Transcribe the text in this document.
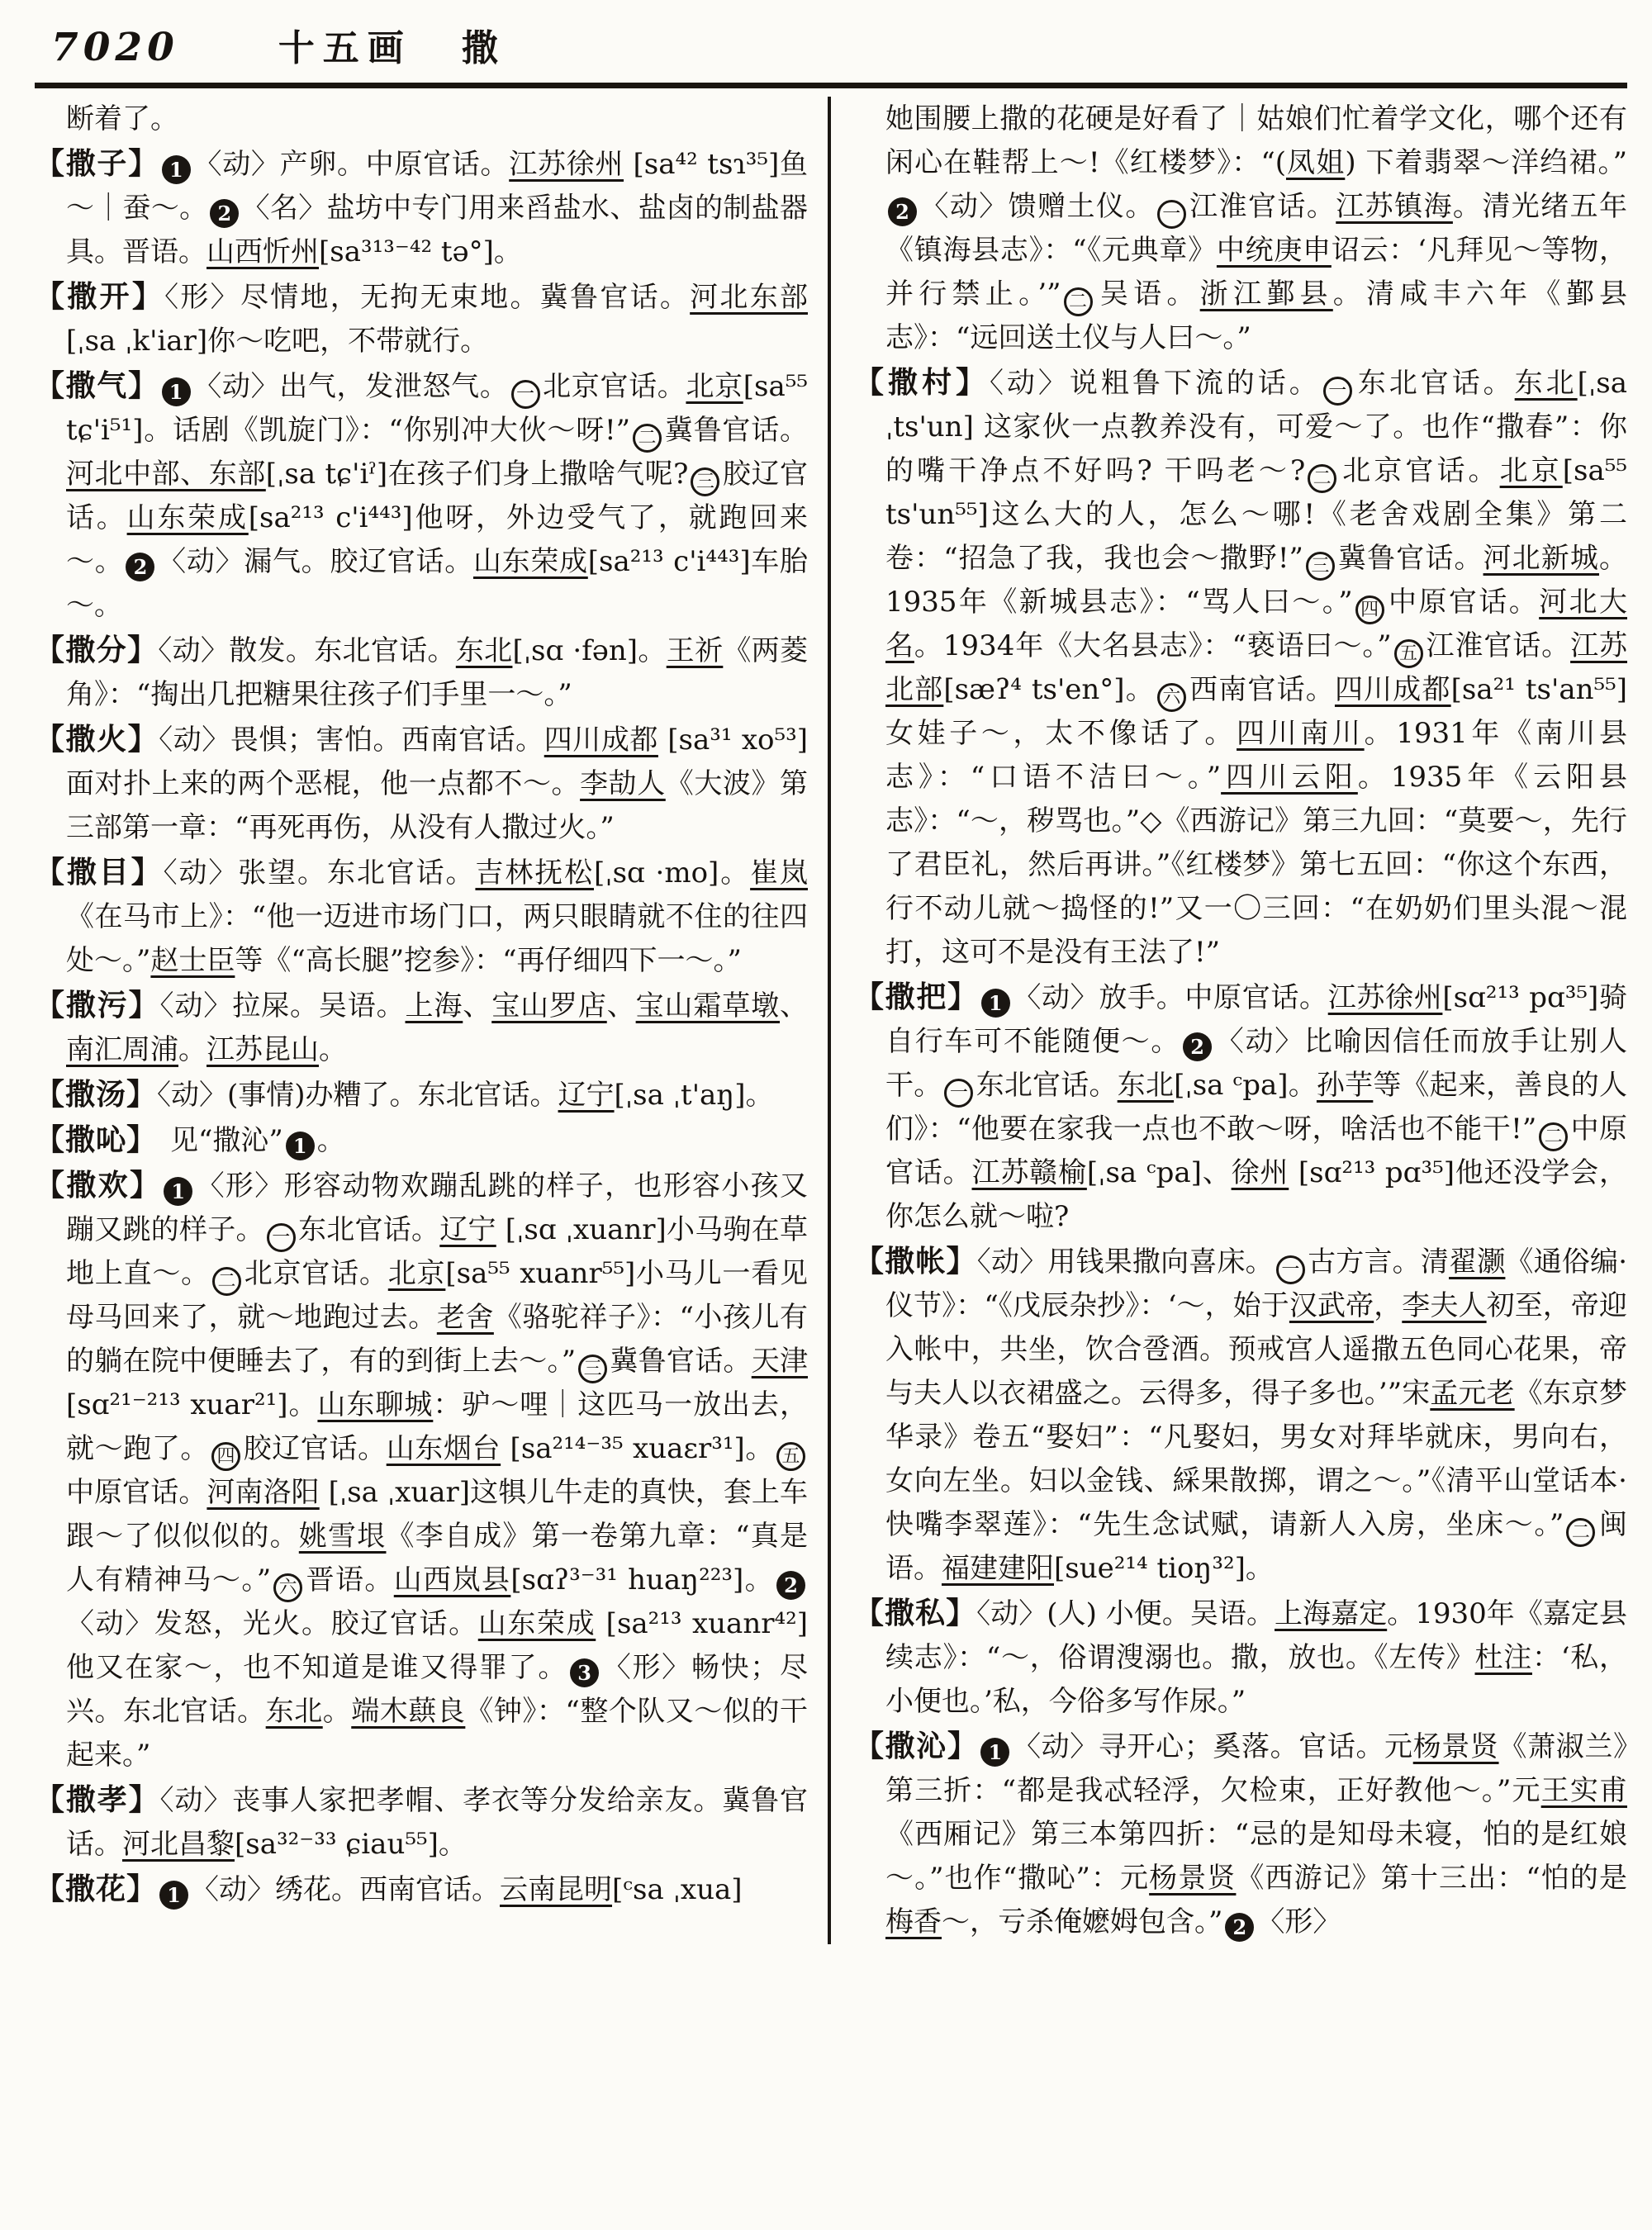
7020	十五画 撒
断着了。
【撒子】 1 〈动〉产卵。中原官话。江苏徐州 [sa⁴² tsɿ³⁵]鱼～｜蚕～。 2 〈名〉盐坊中专门用来舀盐水、盐卤的制盐器具。晋语。山西忻州[sa³¹³⁻⁴² tə°]。
【撒开】〈形〉尽情地，无拘无束地。冀鲁官话。河北东部[ˌsa ˌk'iar]你～吃吧，不带就行。
【撒气】 1 〈动〉出气，发泄怒气。 一 北京官话。北京[sa⁵⁵ tɕ'i⁵¹]。话剧《凯旋门》：“你别冲大伙～呀!” 二 冀鲁官话。河北中部、东部[ˌsa tɕ'iˀ]在孩子们身上撒啥气呢? 三 胶辽官话。山东荣成[sa²¹³ c'i⁴⁴³]他呀，外边受气了，就跑回来～。 2 〈动〉漏气。胶辽官话。山东荣成[sa²¹³ c'i⁴⁴³]车胎～。
【撒分】〈动〉散发。东北官话。东北[ˌsɑ ·fən]。王祈《两菱角》：“掏出几把糖果往孩子们手里一～。”
【撒火】〈动〉畏惧；害怕。西南官话。四川成都 [sa³¹ xo⁵³]面对扑上来的两个恶棍，他一点都不～。李劼人《大波》第三部第一章：“再死再伤，从没有人撒过火。”
【撒目】〈动〉张望。东北官话。吉林抚松[ˌsɑ ·mo]。崔岚《在马市上》：“他一迈进市场门口，两只眼睛就不住的往四处～。”赵士臣等《“高长腿”挖参》：“再仔细四下一～。”
【撒污】〈动〉拉屎。吴语。上海、宝山罗店、宝山霜草墩、南汇周浦。江苏昆山。
【撒汤】〈动〉(事情)办糟了。东北官话。辽宁[ˌsa ˌt'aŋ]。
【撒吣】　见“撒沁” 1 。
【撒欢】 1 〈形〉形容动物欢蹦乱跳的样子，也形容小孩又蹦又跳的样子。 一 东北官话。辽宁 [ˌsɑ ˌxuanr]小马驹在草地上直～。 二 北京官话。北京[sa⁵⁵ xuanr⁵⁵]小马儿一看见母马回来了，就～地跑过去。老舍《骆驼祥子》：“小孩儿有的躺在院中便睡去了，有的到街上去～。” 三 冀鲁官话。天津[sɑ²¹⁻²¹³ xuar²¹]。山东聊城：驴～哩｜这匹马一放出去，就～跑了。 四 胶辽官话。山东烟台 [sa²¹⁴⁻³⁵ xuaɛr³¹]。 五中原官话。河南洛阳 [ˌsa ˌxuar]这犋儿牛走的真快，套上车跟～了似似似的。姚雪垠《李自成》第一卷第九章：“真是人有精神马～。” 六 晋语。山西岚县[sɑʔ³⁻³¹ huaŋ²²³]。 2〈动〉发怒，光火。胶辽官话。山东荣成 [sa²¹³ xuanr⁴²] 他又在家～，也不知道是谁又得罪了。 3 〈形〉畅快；尽兴。东北官话。东北。端木蕻良《钟》：“整个队又～似的干起来。”
【撒孝】〈动〉丧事人家把孝帽、孝衣等分发给亲友。冀鲁官话。河北昌黎[sa³²⁻³³ ɕiau⁵⁵]。
【撒花】 1 〈动〉绣花。西南官话。云南昆明[ᶜsa ˌxua]
她围腰上撒的花硬是好看了｜姑娘们忙着学文化，哪个还有闲心在鞋帮上～!《红楼梦》：“(凤姐) 下着翡翠～洋绉裙。”2 〈动〉馈赠土仪。 一 江淮官话。江苏镇海。清光绪五年《镇海县志》：“《元典章》中统庚申诏云：‘凡拜见～等物，并行禁止。’” 二 吴语。浙江鄞县。清咸丰六年《鄞县志》：“远回送土仪与人曰～。”
【撒村】〈动〉说粗鲁下流的话。 一 东北官话。东北[ˌsa ˌts'un] 这家伙一点教养没有，可爱～了。也作“撒春”：你的嘴干净点不好吗? 干吗老～? 二 北京官话。北京[sa⁵⁵ ts'un⁵⁵]这么大的人，怎么～哪!《老舍戏剧全集》第二卷：“招急了我，我也会～撒野!” 三 冀鲁官话。河北新城。1935年《新城县志》：“骂人曰～。” 四 中原官话。河北大名。1934年《大名县志》：“亵语曰～。” 五 江淮官话。江苏北部[sæʔ⁴ ts'en°]。 六 西南官话。四川成都[sa²¹ ts'an⁵⁵]女娃子～，太不像话了。四川南川。1931年《南川县志》：“口语不洁曰～。”四川云阳。1935年《云阳县志》：“～，秽骂也。”◇《西游记》第三九回：“莫要～，先行了君臣礼，然后再讲。”《红楼梦》第七五回：“你这个东西，行不动儿就～捣怪的!”又一〇三回：“在奶奶们里头混～混打，这可不是没有王法了!”
【撒把】 1 〈动〉放手。中原官话。江苏徐州[sɑ²¹³ pɑ³⁵]骑自行车可不能随便～。 2 〈动〉比喻因信任而放手让别人干。 一 东北官话。东北[ˌsa ᶜpa]。孙芋等《起来，善良的人们》：“他要在家我一点也不敢～呀，啥活也不能干!” 二 中原官话。江苏赣榆[ˌsa ᶜpa]、徐州 [sɑ²¹³ pɑ³⁵]他还没学会，你怎么就～啦?
【撒帐】〈动〉用钱果撒向喜床。 一 古方言。清翟灏《通俗编·仪节》：“《戊辰杂抄》：‘～，始于汉武帝，李夫人初至，帝迎入帐中，共坐，饮合卺酒。预戒宫人遥撒五色同心花果，帝与夫人以衣裙盛之。云得多，得子多也。’”宋孟元老《东京梦华录》卷五“娶妇”：“凡娶妇，男女对拜毕就床，男向右，女向左坐。妇以金钱、綵果散掷，谓之～。”《清平山堂话本·快嘴李翠莲》：“先生念试赋，请新人入房，坐床～。” 二 闽语。福建建阳[sue²¹⁴ tioŋ³²]。
【撒私】〈动〉(人) 小便。吴语。上海嘉定。1930年《嘉定县续志》：“～，俗谓溲溺也。撒，放也。《左传》杜注：‘私，小便也。’私，今俗多写作尿。”
【撒沁】 1 〈动〉寻开心；奚落。官话。元杨景贤《萧淑兰》第三折：“都是我忒轻浮，欠检束，正好教他～。”元王实甫《西厢记》第三本第四折：“忌的是知母未寝，怕的是红娘～。”也作“撒吣”：元杨景贤《西游记》第十三出：“怕的是梅香～，亏杀俺嬷姆包含。” 2 〈形〉
